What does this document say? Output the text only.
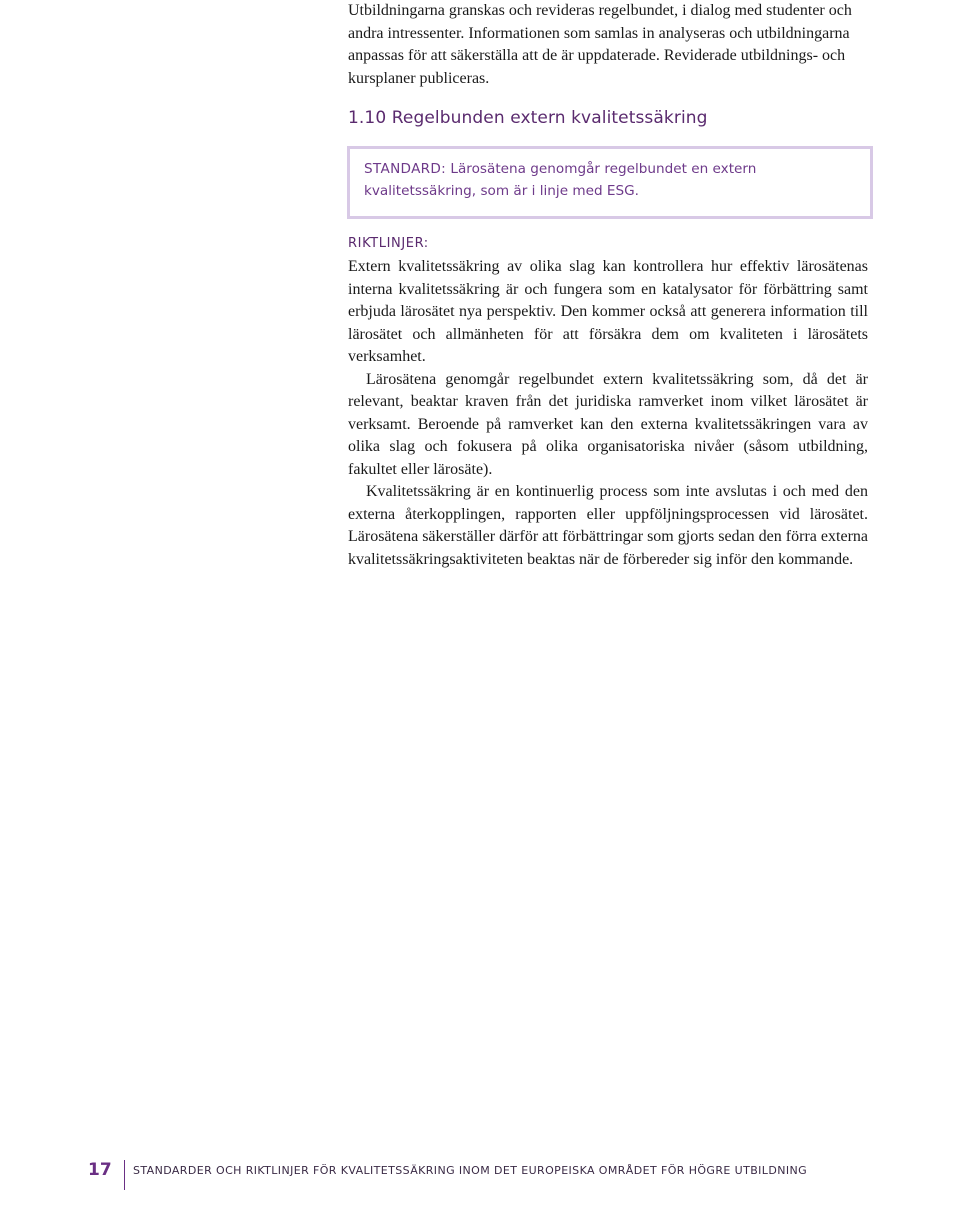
Utbildningarna granskas och revideras regelbundet, i dialog med studenter och andra intressenter. Informationen som samlas in analyseras och utbildningarna anpassas för att säkerställa att de är uppdaterade. Reviderade utbildnings- och kursplaner publiceras.

1.10 Regelbunden extern kvalitetssäkring
STANDARD: Lärosätena genomgår regelbundet en extern kvalitetssäkring, som är i linje med ESG.
RIKTLINJER:

Extern kvalitetssäkring av olika slag kan kontrollera hur effektiv lärosätenas interna kvalitetssäkring är och fungera som en katalysator för förbättring samt erbjuda lärosätet nya perspektiv. Den kommer också att generera information till lärosätet och allmänheten för att försäkra dem om kvaliteten i lärosätets verksamhet.

Lärosätena genomgår regelbundet extern kvalitetssäkring som, då det är relevant, beaktar kraven från det juridiska ramverket inom vilket lärosätet är verksamt. Beroende på ramverket kan den externa kvalitetssäkringen vara av olika slag och fokusera på olika organisatoriska nivåer (såsom utbildning, fakultet eller lärosäte).

Kvalitetssäkring är en kontinuerlig process som inte avslutas i och med den externa återkopplingen, rapporten eller uppföljningsprocessen vid lärosätet. Lärosätena säkerställer därför att förbättringar som gjorts sedan den förra externa kvalitetssäkringsaktiviteten beaktas när de förbereder sig inför den kommande.

17 STANDARDER OCH RIKTLINJER FÖR KVALITETSSÄKRING INOM DET EUROPEISKA OMRÅDET FÖR HÖGRE UTBILDNING
